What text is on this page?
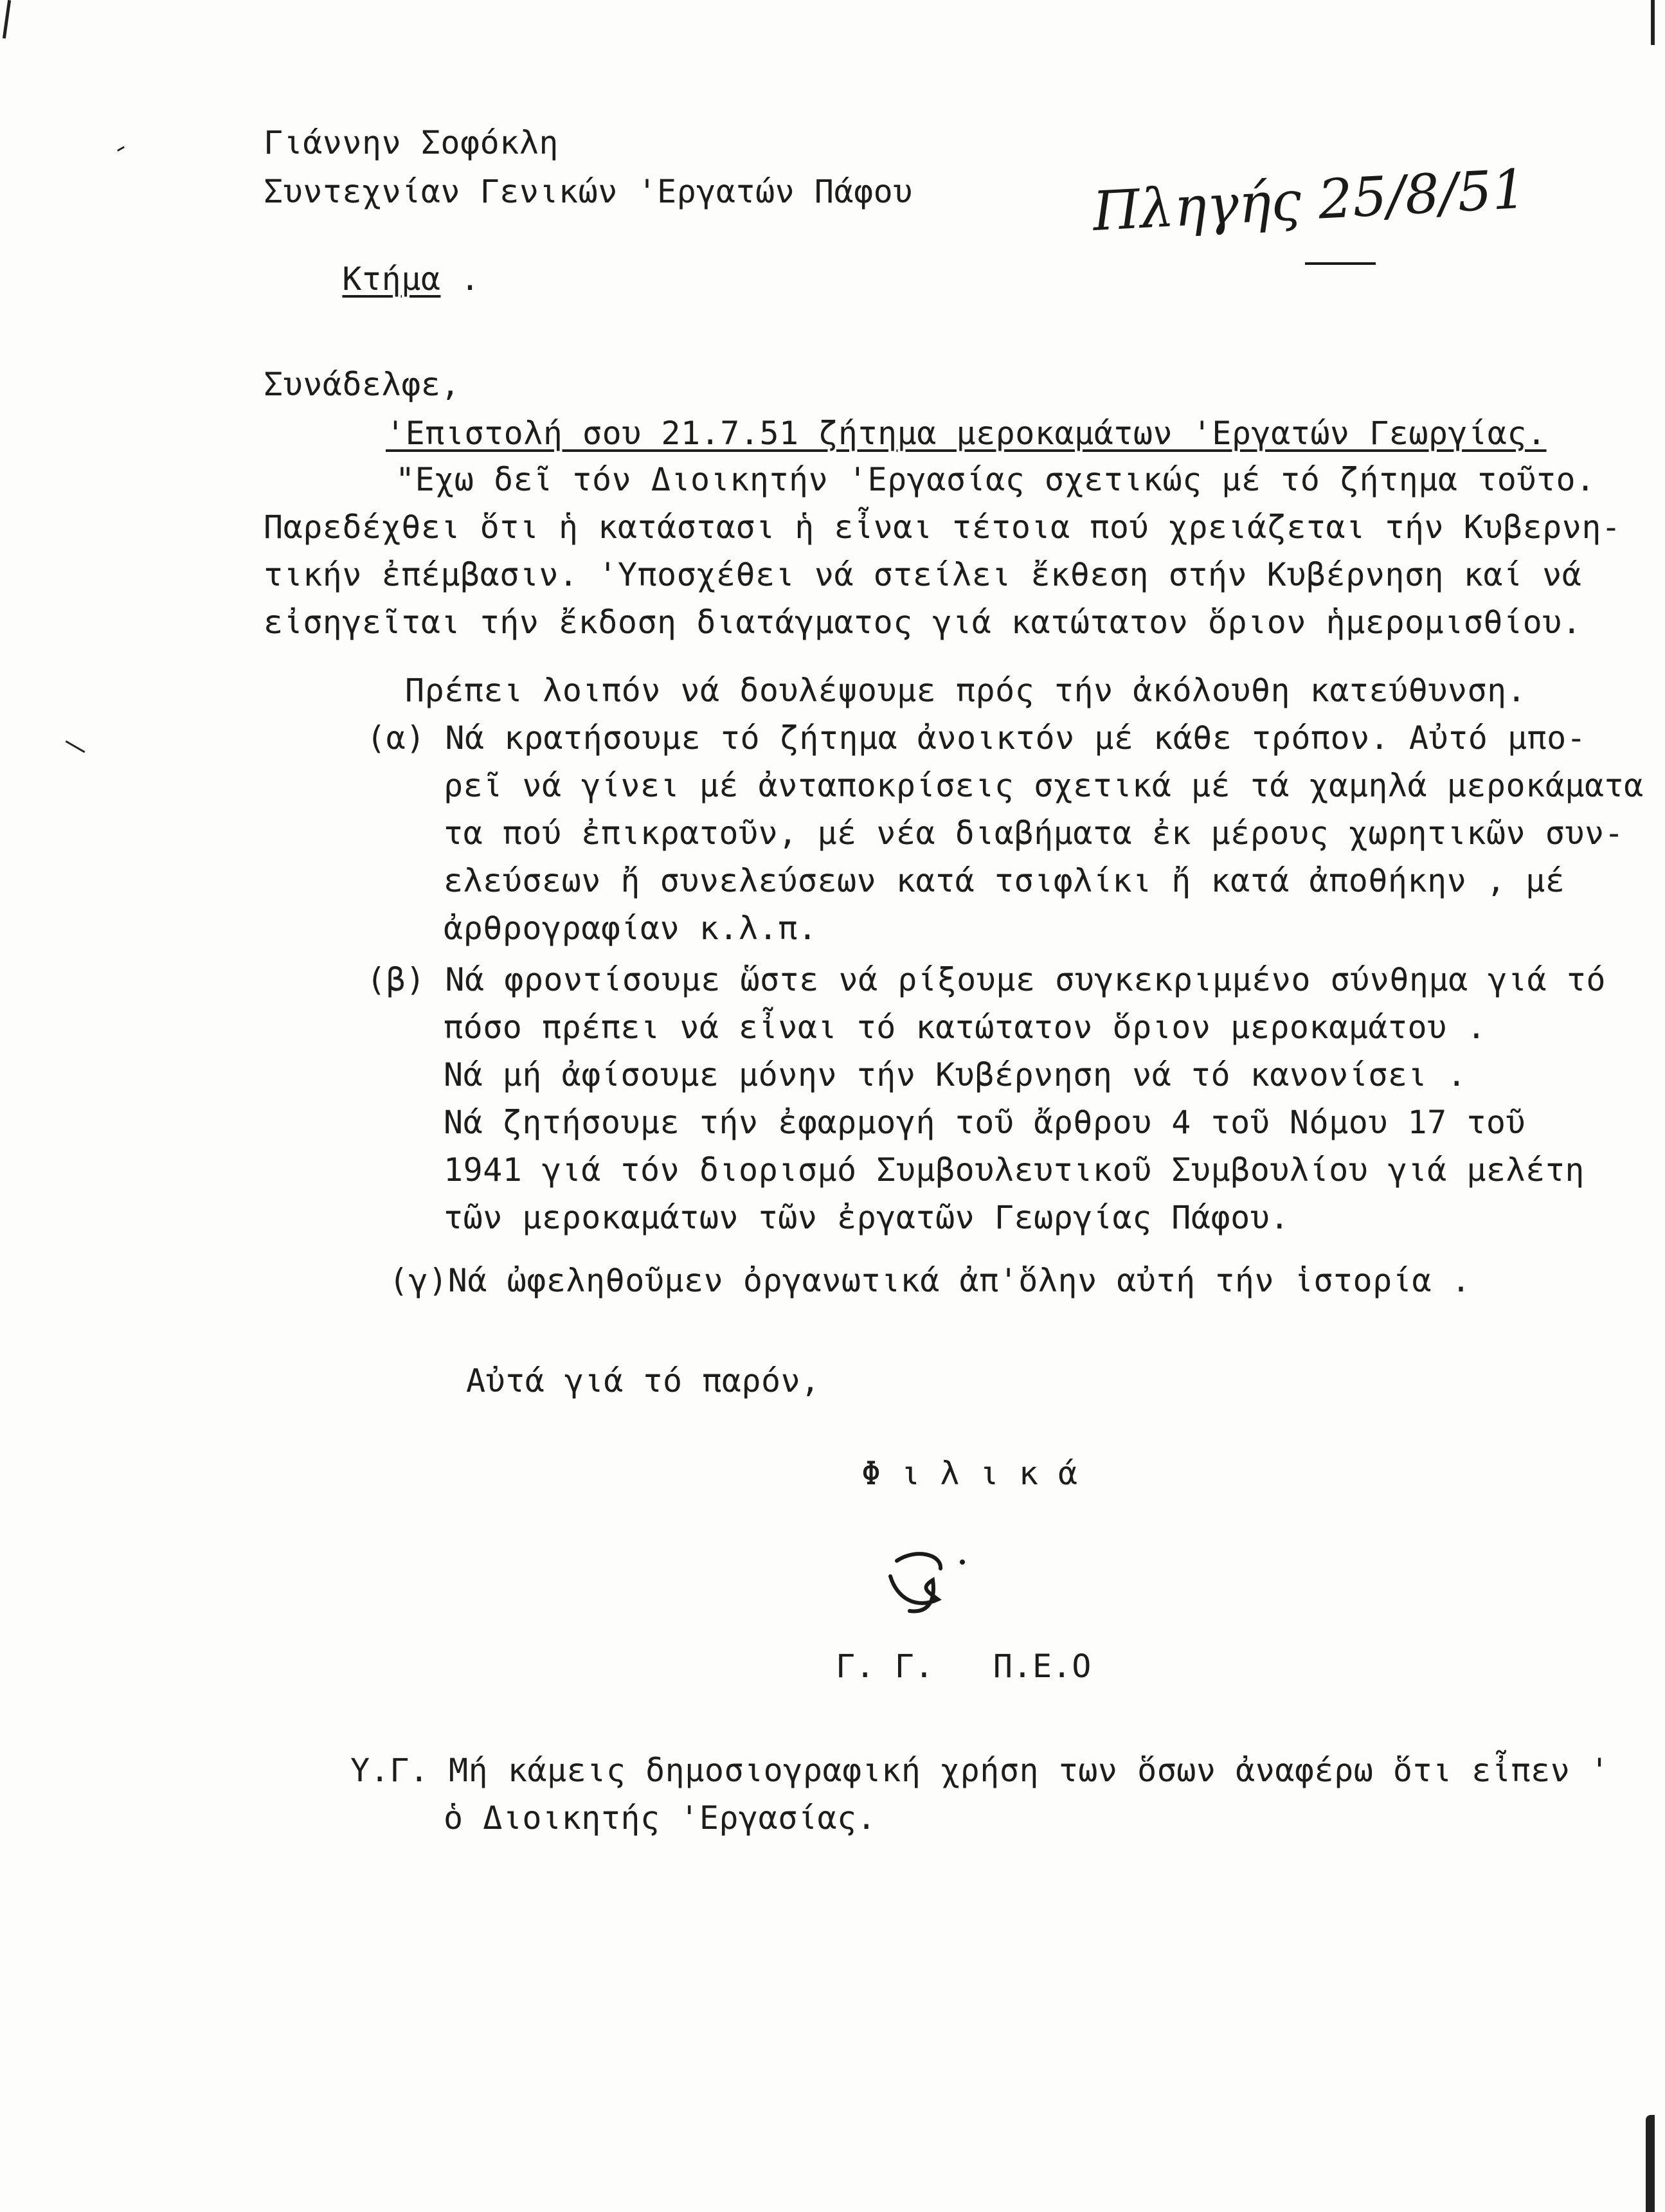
Γιάννην Σοφόκλη
Συντεχνίαν Γενικών 'Εργατών Πάφου

Κτήμα .

Πληγής 25/8/51
Συνάδελφε,
'Επιστολή σου 21.7.51 ζήτημα μεροκαμάτων 'Εργατών Γεωργίας.
"Εχω δεῖ τόν Διοικητήν 'Εργασίας σχετικώς μέ τό ζήτημα τοῦτο.
Παρεδέχθει ὅτι ἡ κατάστασι ἡ εἶναι τέτοια πού χρειάζεται τήν Κυβερνη-
τικήν ἐπέμβασιν. 'Υποσχέθει νά στείλει ἔκθεση στήν Κυβέρνηση καί νά
εἰσηγεῖται τήν ἔκδοση διατάγματος γιά κατώτατον ὅριον ἡμερομισθίου.
Πρέπει λοιπόν νά δουλέψουμε πρός τήν ἀκόλουθη κατεύθυνση.
(α) Νά κρατήσουμε τό ζήτημα ἀνοικτόν μέ κάθε τρόπον. Αὐτό μπο-
ρεῖ νά γίνει μέ ἀνταποκρίσεις σχετικά μέ τά χαμηλά μεροκάματα
τα πού ἐπικρατοῦν, μέ νέα διαβήματα ἐκ μέρους χωρητικῶν συν-
ελεύσεων ἤ συνελεύσεων κατά τσιφλίκι ἤ κατά ἀποθήκην , μέ
ἀρθρογραφίαν κ.λ.π.
(β) Νά φροντίσουμε ὥστε νά ρίξουμε συγκεκριμμένο σύνθημα γιά τό
πόσο πρέπει νά εἶναι τό κατώτατον ὅριον μεροκαμάτου .
Νά μή ἀφίσουμε μόνην τήν Κυβέρνηση νά τό κανονίσει .
Νά ζητήσουμε τήν ἐφαρμογή τοῦ ἄρθρου 4 τοῦ Νόμου 17 τοῦ
1941 γιά τόν διορισμό Συμβουλευτικοῦ Συμβουλίου γιά μελέτη
τῶν μεροκαμάτων τῶν ἐργατῶν Γεωργίας Πάφου.
(γ)Νά ὠφεληθοῦμεν ὀργανωτικά ἀπ'ὅλην αὐτή τήν ἱστορία .
Αὐτά γιά τό παρόν,
Φ ι λ ι κ ά
Γ. Γ.   Π.Ε.Ο
Υ.Γ. Μή κάμεις δημοσιογραφική χρήση των ὅσων ἀναφέρω ὅτι εἶπεν '
ὁ Διοικητής 'Εργασίας.
